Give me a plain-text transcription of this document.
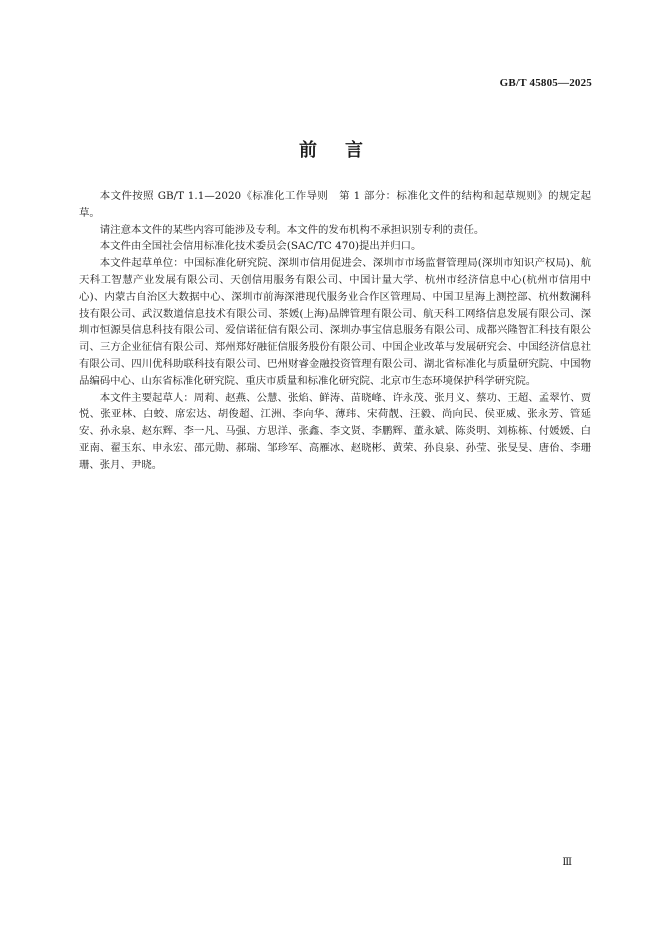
GB/T 45805—2025
前言

本文件按照 GB/T 1.1—2020《标准化工作导则　第 1 部分：标准化文件的结构和起草规则》的规定起草。

请注意本文件的某些内容可能涉及专利。本文件的发布机构不承担识别专利的责任。

本文件由全国社会信用标准化技术委员会(SAC/TC 470)提出并归口。

本文件起草单位：中国标准化研究院、深圳市信用促进会、深圳市市场监督管理局(深圳市知识产权局)、航天科工智慧产业发展有限公司、天创信用服务有限公司、中国计量大学、杭州市经济信息中心(杭州市信用中心)、内蒙古自治区大数据中心、深圳市前海深港现代服务业合作区管理局、中国卫星海上测控部、杭州数澜科技有限公司、武汉数道信息技术有限公司、茶媛(上海)品牌管理有限公司、航天科工网络信息发展有限公司、深圳市恒源昊信息科技有限公司、爱信诺征信有限公司、深圳办事宝信息服务有限公司、成都兴隆智汇科技有限公司、三方企业征信有限公司、郑州郑好融征信服务股份有限公司、中国企业改革与发展研究会、中国经济信息社有限公司、四川优科助联科技有限公司、巴州财睿金融投资管理有限公司、湖北省标准化与质量研究院、中国物品编码中心、山东省标准化研究院、重庆市质量和标准化研究院、北京市生态环境保护科学研究院。

本文件主要起草人：周莉、赵燕、公慧、张焰、鲜涛、苗晓峰、许永茂、张月义、蔡功、王超、孟翠竹、贾悦、张亚林、白蛟、席宏达、胡俊超、江洲、李向华、薄玮、宋荷靓、汪毅、尚向民、侯亚威、张永芳、管延安、孙永泉、赵东辉、李一凡、马强、方思洋、张鑫、李文贤、李鹏辉、董永斌、陈炎明、刘栋栋、付媛媛、白亚南、翟玉东、申永宏、邵元勋、郝瑞、邹珍军、高雁冰、赵晓彬、黄荣、孙良泉、孙莹、张旻旻、唐佁、李珊珊、张月、尹晓。

Ⅲ
